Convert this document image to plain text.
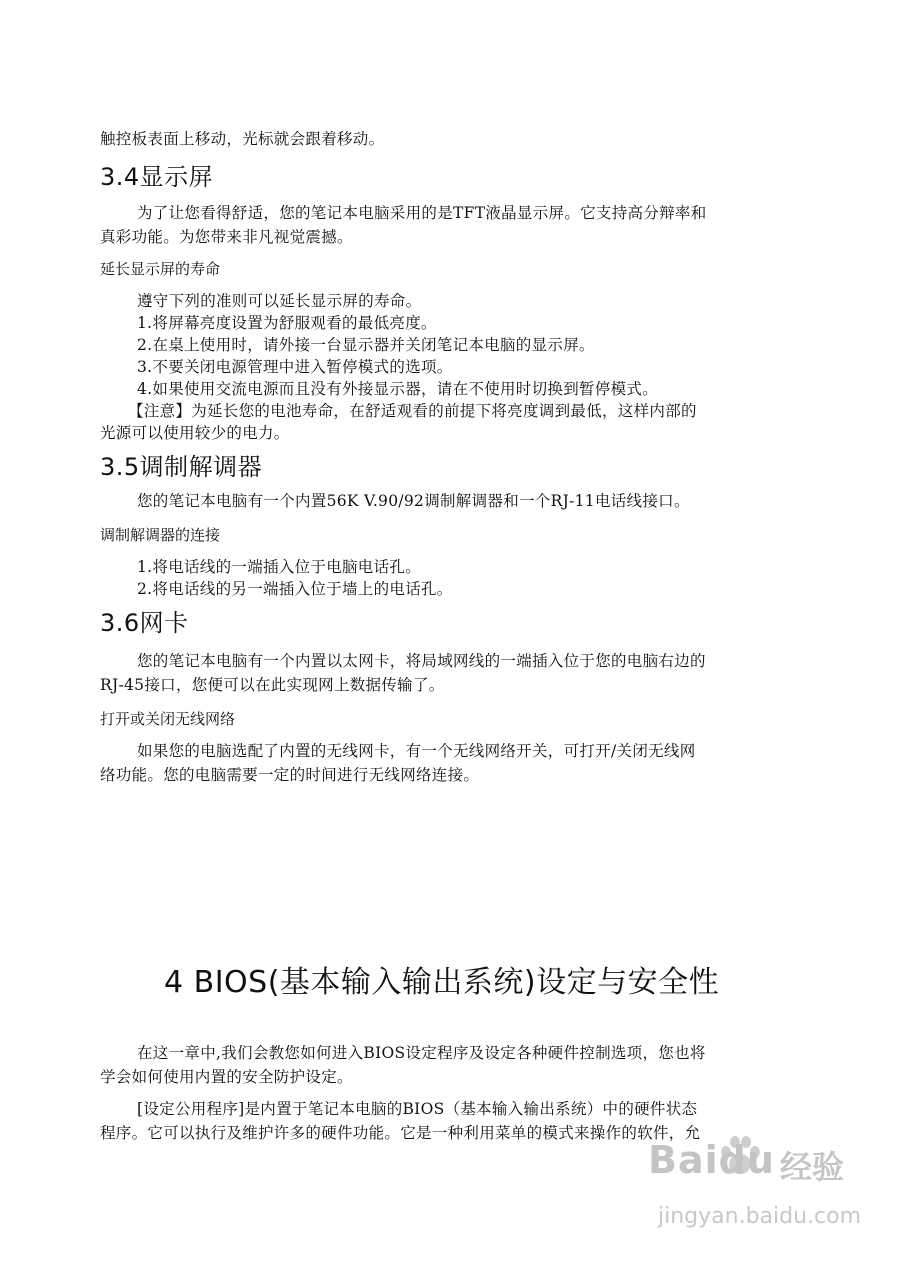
触控板表面上移动，光标就会跟着移动。
3.4显示屏
为了让您看得舒适，您的笔记本电脑采用的是TFT液晶显示屏。它支持高分辩率和
真彩功能。为您带来非凡视觉震撼。
延长显示屏的寿命
遵守下列的准则可以延长显示屏的寿命。
1.将屏幕亮度设置为舒服观看的最低亮度。
2.在桌上使用时，请外接一台显示器并关闭笔记本电脑的显示屏。
3.不要关闭电源管理中进入暂停模式的选项。
4.如果使用交流电源而且没有外接显示器，请在不使用时切换到暂停模式。
【注意】为延长您的电池寿命，在舒适观看的前提下将亮度调到最低，这样内部的
光源可以使用较少的电力。
3.5调制解调器
您的笔记本电脑有一个内置56K V.90/92调制解调器和一个RJ-11电话线接口。
调制解调器的连接
1.将电话线的一端插入位于电脑电话孔。
2.将电话线的另一端插入位于墙上的电话孔。
3.6网卡
您的笔记本电脑有一个内置以太网卡，将局域网线的一端插入位于您的电脑右边的
RJ-45接口，您便可以在此实现网上数据传输了。
打开或关闭无线网络
如果您的电脑选配了内置的无线网卡，有一个无线网络开关，可打开/关闭无线网
络功能。您的电脑需要一定的时间进行无线网络连接。
4 BIOS(基本输入输出系统)设定与安全性
在这一章中,我们会教您如何进入BIOS设定程序及设定各种硬件控制选项，您也将
学会如何使用内置的安全防护设定。
[设定公用程序]是内置于笔记本电脑的BIOS（基本输入输出系统）中的硬件状态
程序。它可以执行及维护许多的硬件功能。它是一种利用菜单的模式来操作的软件，允
Baidu 经验
jingyan.baidu.com
